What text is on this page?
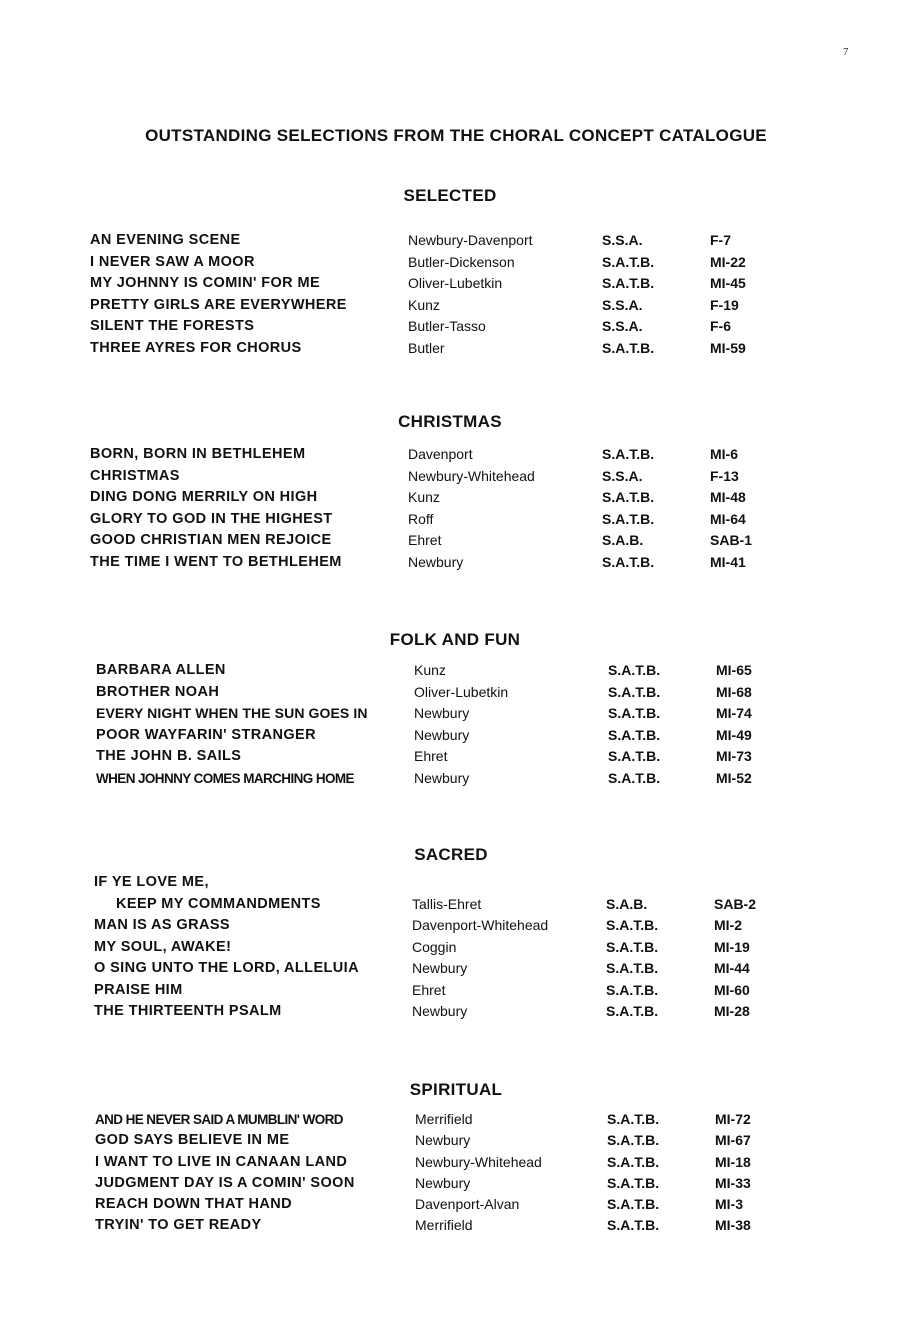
7
OUTSTANDING SELECTIONS FROM THE CHORAL CONCEPT CATALOGUE
SELECTED
AN EVENING SCENE	Newbury-Davenport	S.S.A.	F-7
I NEVER SAW A MOOR	Butler-Dickenson	S.A.T.B.	MI-22
MY JOHNNY IS COMIN' FOR ME	Oliver-Lubetkin	S.A.T.B.	MI-45
PRETTY GIRLS ARE EVERYWHERE	Kunz	S.S.A.	F-19
SILENT THE FORESTS	Butler-Tasso	S.S.A.	F-6
THREE AYRES FOR CHORUS	Butler	S.A.T.B.	MI-59
CHRISTMAS
BORN, BORN IN BETHLEHEM	Davenport	S.A.T.B.	MI-6
CHRISTMAS	Newbury-Whitehead	S.S.A.	F-13
DING DONG MERRILY ON HIGH	Kunz	S.A.T.B.	MI-48
GLORY TO GOD IN THE HIGHEST	Roff	S.A.T.B.	MI-64
GOOD CHRISTIAN MEN REJOICE	Ehret	S.A.B.	SAB-1
THE TIME I WENT TO BETHLEHEM	Newbury	S.A.T.B.	MI-41
FOLK AND FUN
BARBARA ALLEN	Kunz	S.A.T.B.	MI-65
BROTHER NOAH	Oliver-Lubetkin	S.A.T.B.	MI-68
EVERY NIGHT WHEN THE SUN GOES IN	Newbury	S.A.T.B.	MI-74
POOR WAYFARIN' STRANGER	Newbury	S.A.T.B.	MI-49
THE JOHN B. SAILS	Ehret	S.A.T.B.	MI-73
WHEN JOHNNY COMES MARCHING HOME	Newbury	S.A.T.B.	MI-52
SACRED
IF YE LOVE ME,
KEEP MY COMMANDMENTS	Tallis-Ehret	S.A.B.	SAB-2
MAN IS AS GRASS	Davenport-Whitehead	S.A.T.B.	MI-2
MY SOUL, AWAKE!	Coggin	S.A.T.B.	MI-19
O SING UNTO THE LORD, ALLELUIA	Newbury	S.A.T.B.	MI-44
PRAISE HIM	Ehret	S.A.T.B.	MI-60
THE THIRTEENTH PSALM	Newbury	S.A.T.B.	MI-28
SPIRITUAL
AND HE NEVER SAID A MUMBLIN' WORD	Merrifield	S.A.T.B.	MI-72
GOD SAYS BELIEVE IN ME	Newbury	S.A.T.B.	MI-67
I WANT TO LIVE IN CANAAN LAND	Newbury-Whitehead	S.A.T.B.	MI-18
JUDGMENT DAY IS A COMIN' SOON	Newbury	S.A.T.B.	MI-33
REACH DOWN THAT HAND	Davenport-Alvan	S.A.T.B.	MI-3
TRYIN' TO GET READY	Merrifield	S.A.T.B.	MI-38
